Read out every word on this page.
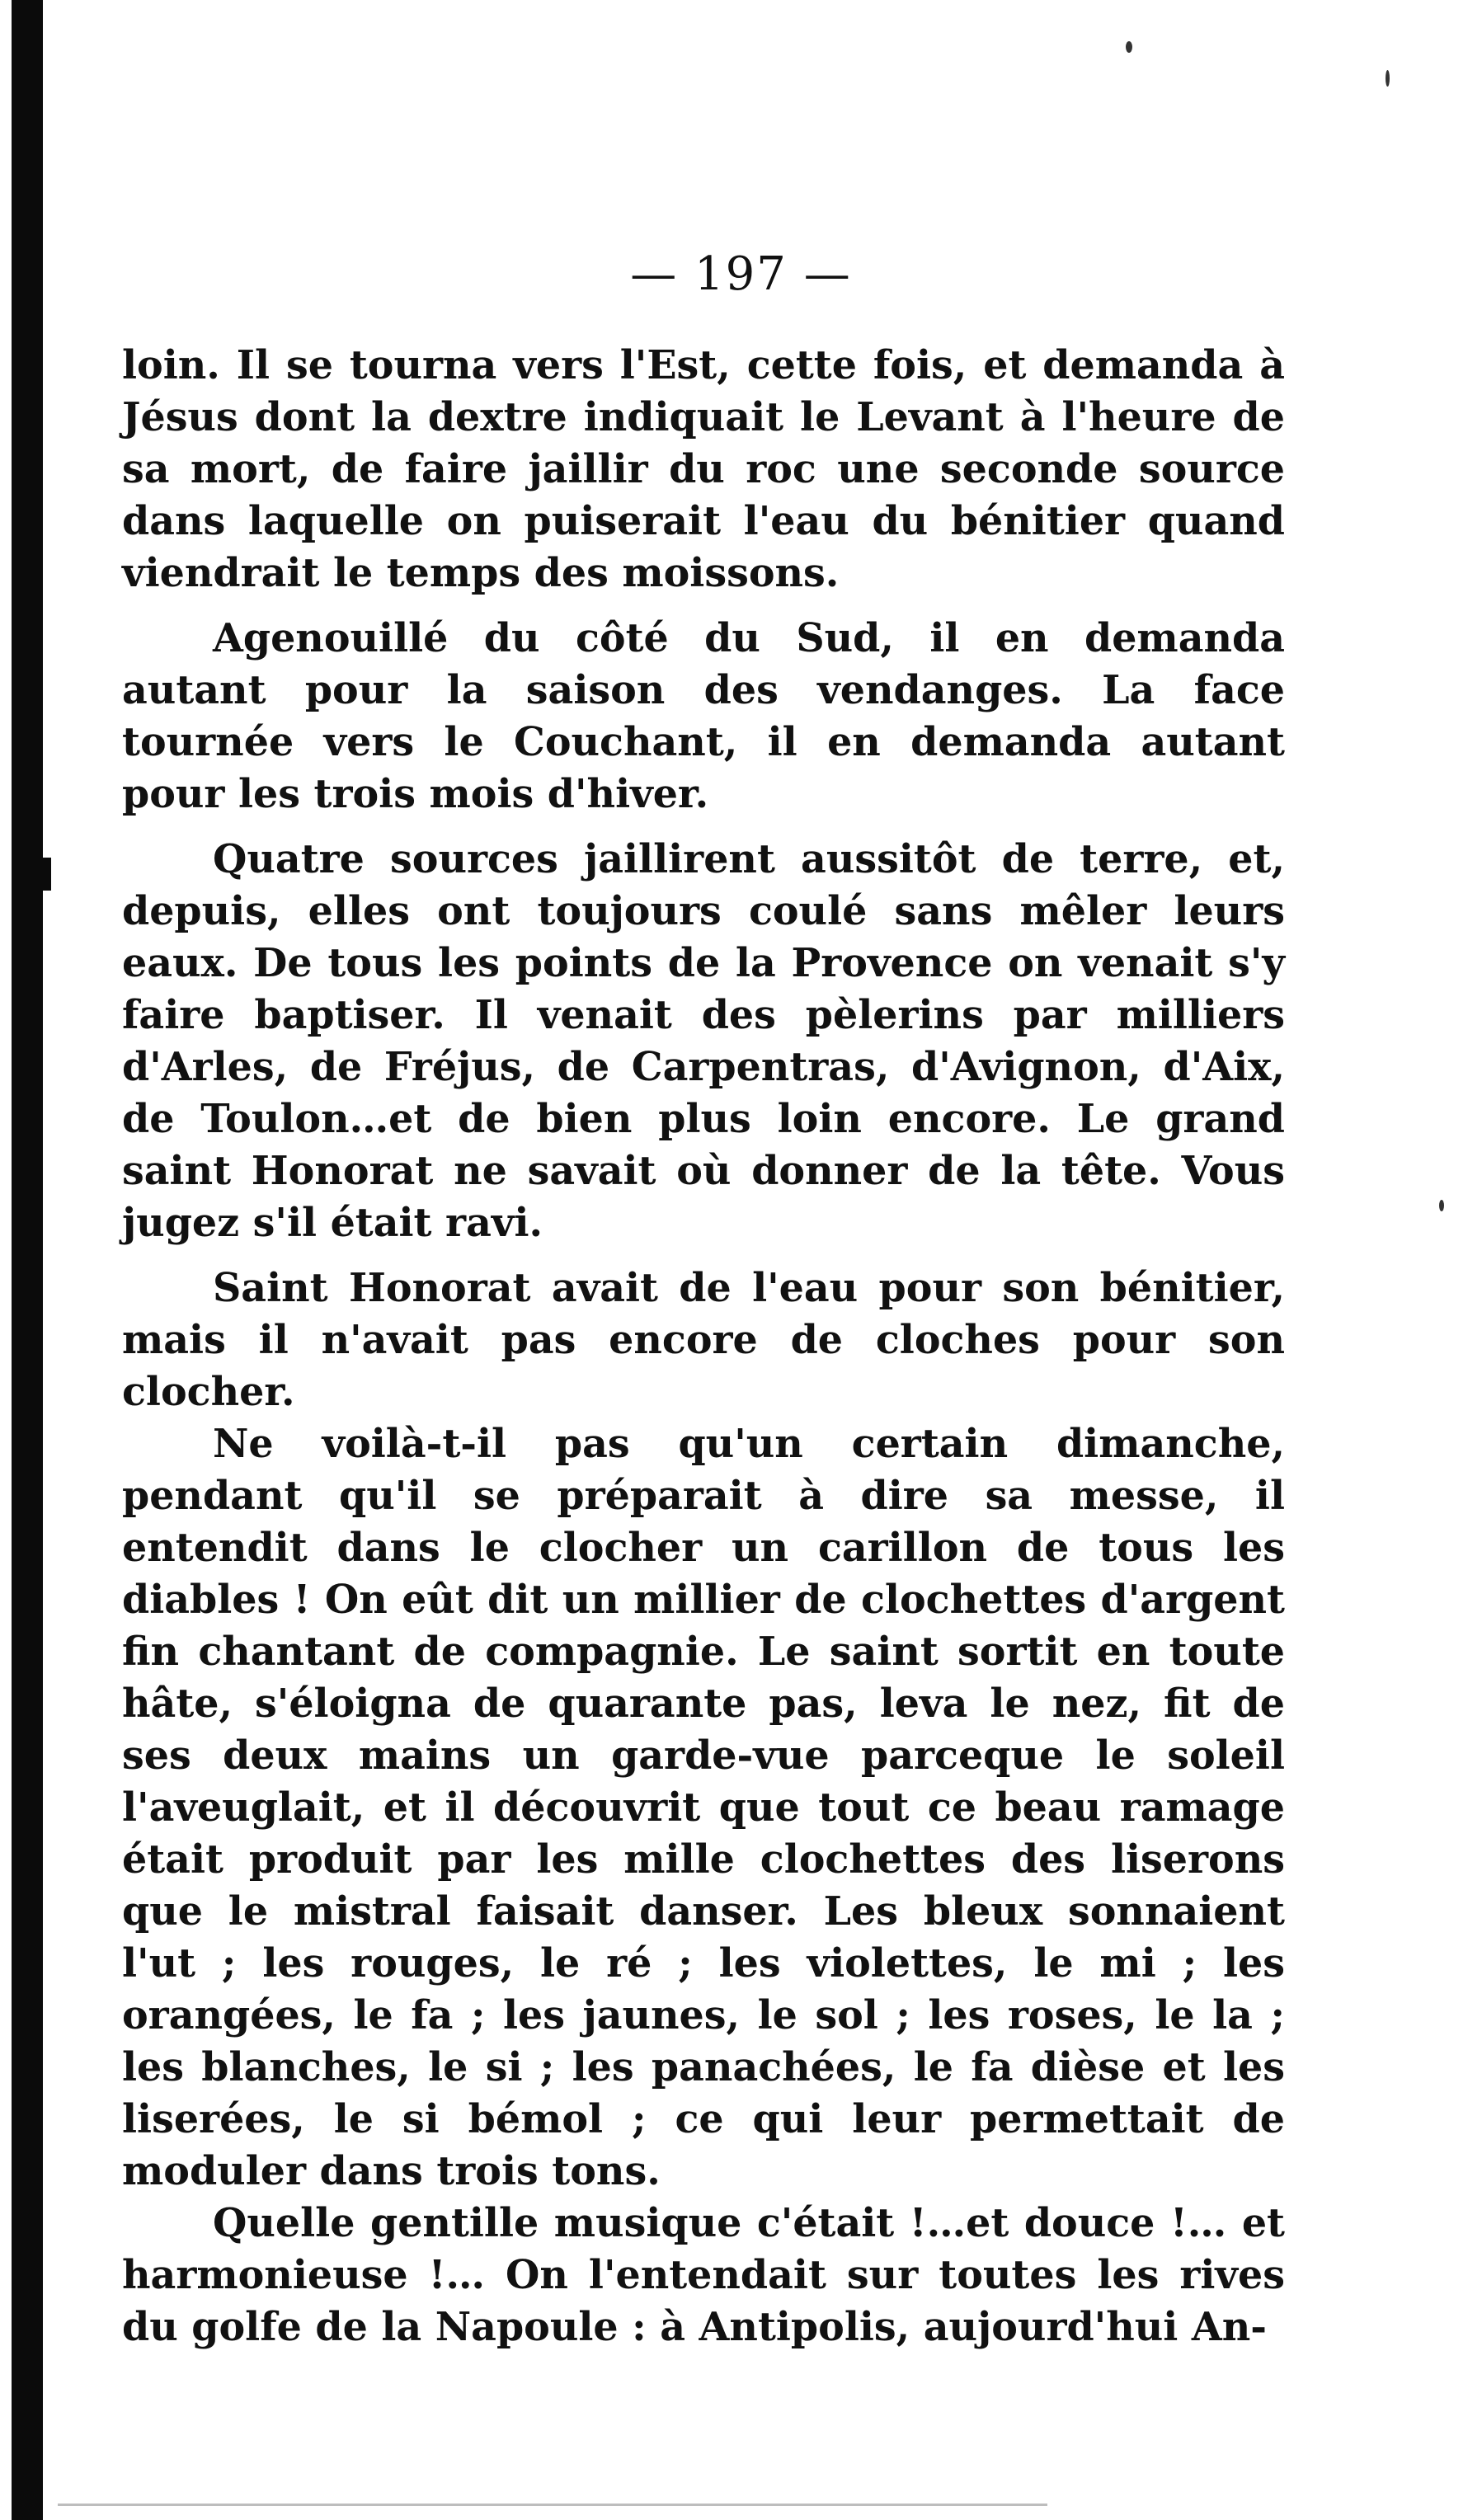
— 197 —

loin. Il se tourna vers l'Est, cette fois, et demanda à Jésus dont la dextre indiquait le Levant à l'heure de sa mort, de faire jaillir du roc une seconde source dans laquelle on puiserait l'eau du bénitier quand viendrait le temps des moissons.

Agenouillé du côté du Sud, il en demanda autant pour la saison des vendanges. La face tournée vers le Couchant, il en demanda autant pour les trois mois d'hiver.

Quatre sources jaillirent aussitôt de terre, et, depuis, elles ont toujours coulé sans mêler leurs eaux. De tous les points de la Provence on venait s'y faire baptiser. Il venait des pèlerins par milliers d'Arles, de Fréjus, de Carpentras, d'Avignon, d'Aix, de Toulon…et de bien plus loin encore. Le grand saint Honorat ne savait où donner de la tête. Vous jugez s'il était ravi.

Saint Honorat avait de l'eau pour son bénitier, mais il n'avait pas encore de cloches pour son clocher.

Ne voilà-t-il pas qu'un certain dimanche, pendant qu'il se préparait à dire sa messe, il entendit dans le clocher un carillon de tous les diables ! On eût dit un millier de clochettes d'argent fin chantant de compagnie. Le saint sortit en toute hâte, s'éloigna de quarante pas, leva le nez, fit de ses deux mains un garde-vue parceque le soleil l'aveuglait, et il découvrit que tout ce beau ramage était produit par les mille clochettes des liserons que le mistral faisait danser. Les bleux sonnaient l'ut ; les rouges, le ré ; les violettes, le mi ; les orangées, le fa ; les jaunes, le sol ; les roses, le la ; les blanches, le si ; les panachées, le fa dièse et les liserées, le si bémol ; ce qui leur permettait de moduler dans trois tons.

Quelle gentille musique c'était !…et douce !… et harmonieuse !… On l'entendait sur toutes les rives du golfe de la Napoule : à Antipolis, aujourd'hui An-
